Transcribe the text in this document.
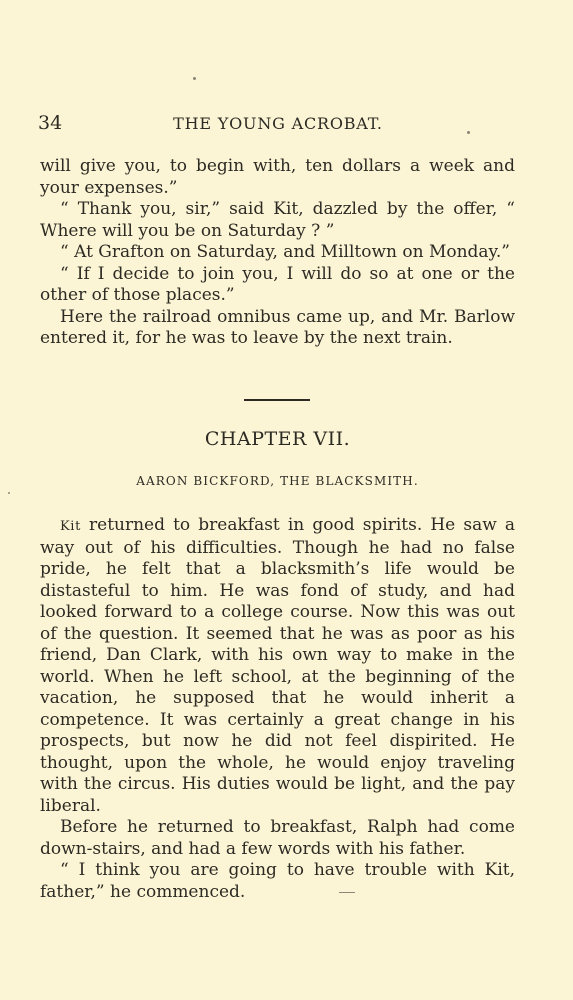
34	THE YOUNG ACROBAT.

will give you, to begin with, ten dollars a week and your expenses.”

“ Thank you, sir,” said Kit, dazzled by the offer, “ Where will you be on Saturday ? ”

“ At Grafton on Saturday, and Milltown on Monday.”

“ If I decide to join you, I will do so at one or the other of those places.”

Here the railroad omnibus came up, and Mr. Barlow entered it, for he was to leave by the next train.

CHAPTER VII.
AARON BICKFORD, THE BLACKSMITH.

Kit returned to breakfast in good spirits. He saw a way out of his difficulties. Though he had no false pride, he felt that a blacksmith’s life would be distasteful to him. He was fond of study, and had looked forward to a college course. Now this was out of the question. It seemed that he was as poor as his friend, Dan Clark, with his own way to make in the world. When he left school, at the beginning of the vacation, he supposed that he would inherit a competence. It was certainly a great change in his prospects, but now he did not feel dispirited. He thought, upon the whole, he would enjoy traveling with the circus. His duties would be light, and the pay liberal.

Before he returned to breakfast, Ralph had come down-stairs, and had a few words with his father.

“ I think you are going to have trouble with Kit, father,” he commenced.
